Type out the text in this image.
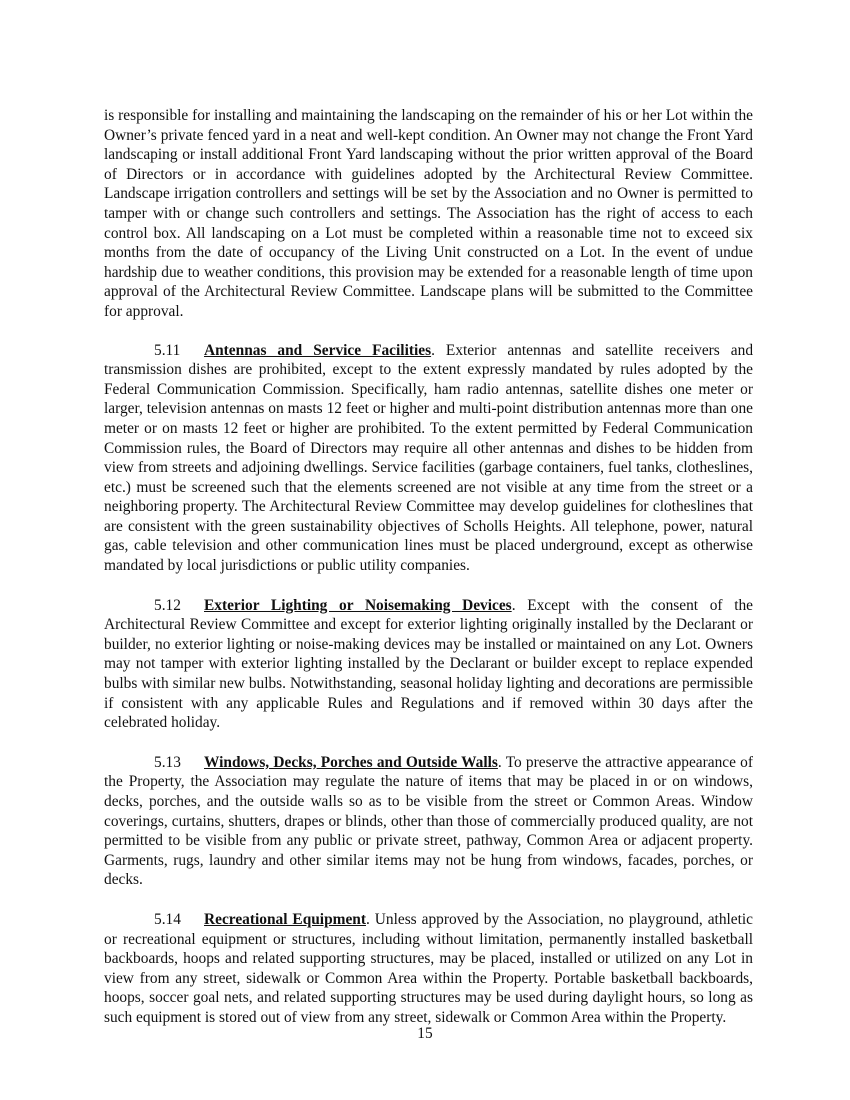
is responsible for installing and maintaining the landscaping on the remainder of his or her Lot within the Owner’s private fenced yard in a neat and well-kept condition. An Owner may not change the Front Yard landscaping or install additional Front Yard landscaping without the prior written approval of the Board of Directors or in accordance with guidelines adopted by the Architectural Review Committee. Landscape irrigation controllers and settings will be set by the Association and no Owner is permitted to tamper with or change such controllers and settings. The Association has the right of access to each control box. All landscaping on a Lot must be completed within a reasonable time not to exceed six months from the date of occupancy of the Living Unit constructed on a Lot. In the event of undue hardship due to weather conditions, this provision may be extended for a reasonable length of time upon approval of the Architectural Review Committee. Landscape plans will be submitted to the Committee for approval.

5.11 Antennas and Service Facilities. Exterior antennas and satellite receivers and transmission dishes are prohibited, except to the extent expressly mandated by rules adopted by the Federal Communication Commission. Specifically, ham radio antennas, satellite dishes one meter or larger, television antennas on masts 12 feet or higher and multi-point distribution antennas more than one meter or on masts 12 feet or higher are prohibited. To the extent permitted by Federal Communication Commission rules, the Board of Directors may require all other antennas and dishes to be hidden from view from streets and adjoining dwellings. Service facilities (garbage containers, fuel tanks, clotheslines, etc.) must be screened such that the elements screened are not visible at any time from the street or a neighboring property. The Architectural Review Committee may develop guidelines for clotheslines that are consistent with the green sustainability objectives of Scholls Heights. All telephone, power, natural gas, cable television and other communication lines must be placed underground, except as otherwise mandated by local jurisdictions or public utility companies.

5.12 Exterior Lighting or Noisemaking Devices. Except with the consent of the Architectural Review Committee and except for exterior lighting originally installed by the Declarant or builder, no exterior lighting or noise-making devices may be installed or maintained on any Lot. Owners may not tamper with exterior lighting installed by the Declarant or builder except to replace expended bulbs with similar new bulbs. Notwithstanding, seasonal holiday lighting and decorations are permissible if consistent with any applicable Rules and Regulations and if removed within 30 days after the celebrated holiday.

5.13 Windows, Decks, Porches and Outside Walls. To preserve the attractive appearance of the Property, the Association may regulate the nature of items that may be placed in or on windows, decks, porches, and the outside walls so as to be visible from the street or Common Areas. Window coverings, curtains, shutters, drapes or blinds, other than those of commercially produced quality, are not permitted to be visible from any public or private street, pathway, Common Area or adjacent property. Garments, rugs, laundry and other similar items may not be hung from windows, facades, porches, or decks.

5.14 Recreational Equipment. Unless approved by the Association, no playground, athletic or recreational equipment or structures, including without limitation, permanently installed basketball backboards, hoops and related supporting structures, may be placed, installed or utilized on any Lot in view from any street, sidewalk or Common Area within the Property. Portable basketball backboards, hoops, soccer goal nets, and related supporting structures may be used during daylight hours, so long as such equipment is stored out of view from any street, sidewalk or Common Area within the Property.

15
